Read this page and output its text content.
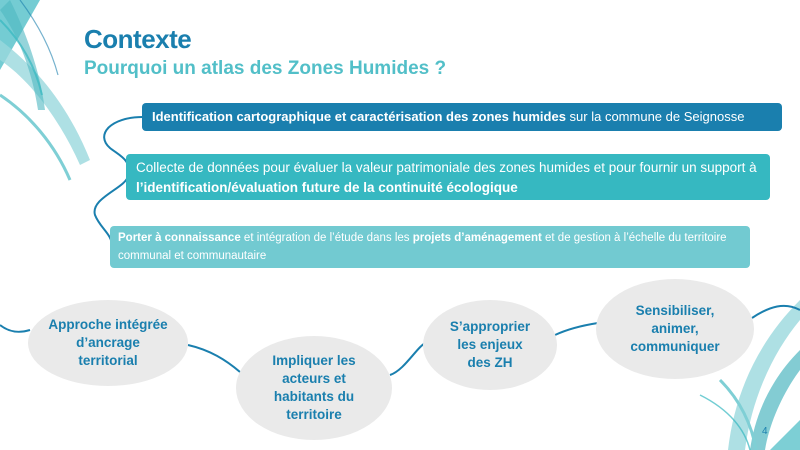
Contexte
Pourquoi un atlas des Zones Humides ?
Identification cartographique et caractérisation des zones humides sur la commune de Seignosse
Collecte de données pour évaluer la valeur patrimoniale des zones humides et pour fournir un support à l’identification/évaluation future de la continuité écologique
Porter à connaissance et intégration de l’étude dans les projets d’aménagement et de gestion à l’échelle du territoire communal et communautaire
Approche intégrée
d’ancrage
territorial	Impliquer les
acteurs et
habitants du
territoire
S’approprier
les enjeux
des ZH
Sensibiliser,
animer,
communiquer
4
